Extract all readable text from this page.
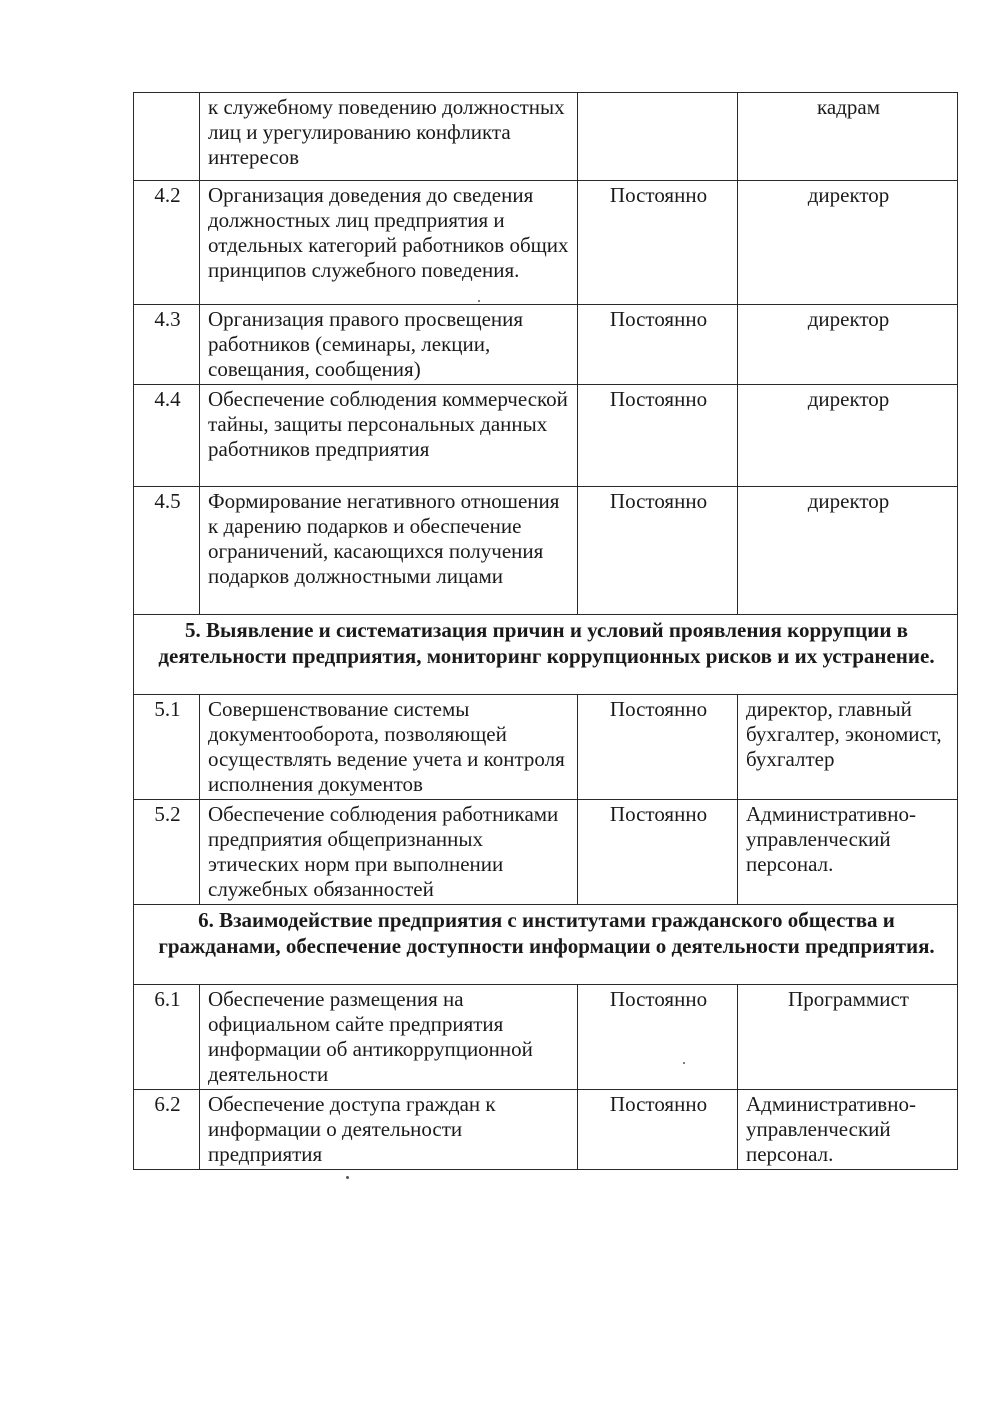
	к служебному поведению должностных лиц и урегулированию конфликта интересов		кадрам
4.2	Организация доведения до сведения должностных лиц предприятия и отдельных категорий работников общих принципов служебного поведения.	Постоянно	директор
4.3	Организация правого просвещения работников (семинары, лекции, совещания, сообщения)	Постоянно	директор
4.4	Обеспечение соблюдения коммерческой тайны, защиты персональных данных работников предприятия	Постоянно	директор
4.5	Формирование негативного отношения к дарению подарков и обеспечение ограничений, касающихся получения подарков должностными лицами	Постоянно	директор
5. Выявление и систематизация причин и условий проявления коррупции в деятельности предприятия, мониторинг коррупционных рисков и их устранение.			
5.1	Совершенствование системы документооборота, позволяющей осуществлять ведение учета и контроля исполнения документов	Постоянно	директор, главный бухгалтер, экономист, бухгалтер
5.2	Обеспечение соблюдения работниками предприятия общепризнанных этических норм при выполнении служебных обязанностей	Постоянно	Административно-управленческий персонал.
6. Взаимодействие предприятия с институтами гражданского общества и гражданами, обеспечение доступности информации о деятельности предприятия.			
6.1	Обеспечение размещения на официальном сайте предприятия информации об антикоррупционной деятельности	Постоянно	Программист
6.2	Обеспечение доступа граждан к информации о деятельности предприятия	Постоянно	Административно-управленческий персонал.
